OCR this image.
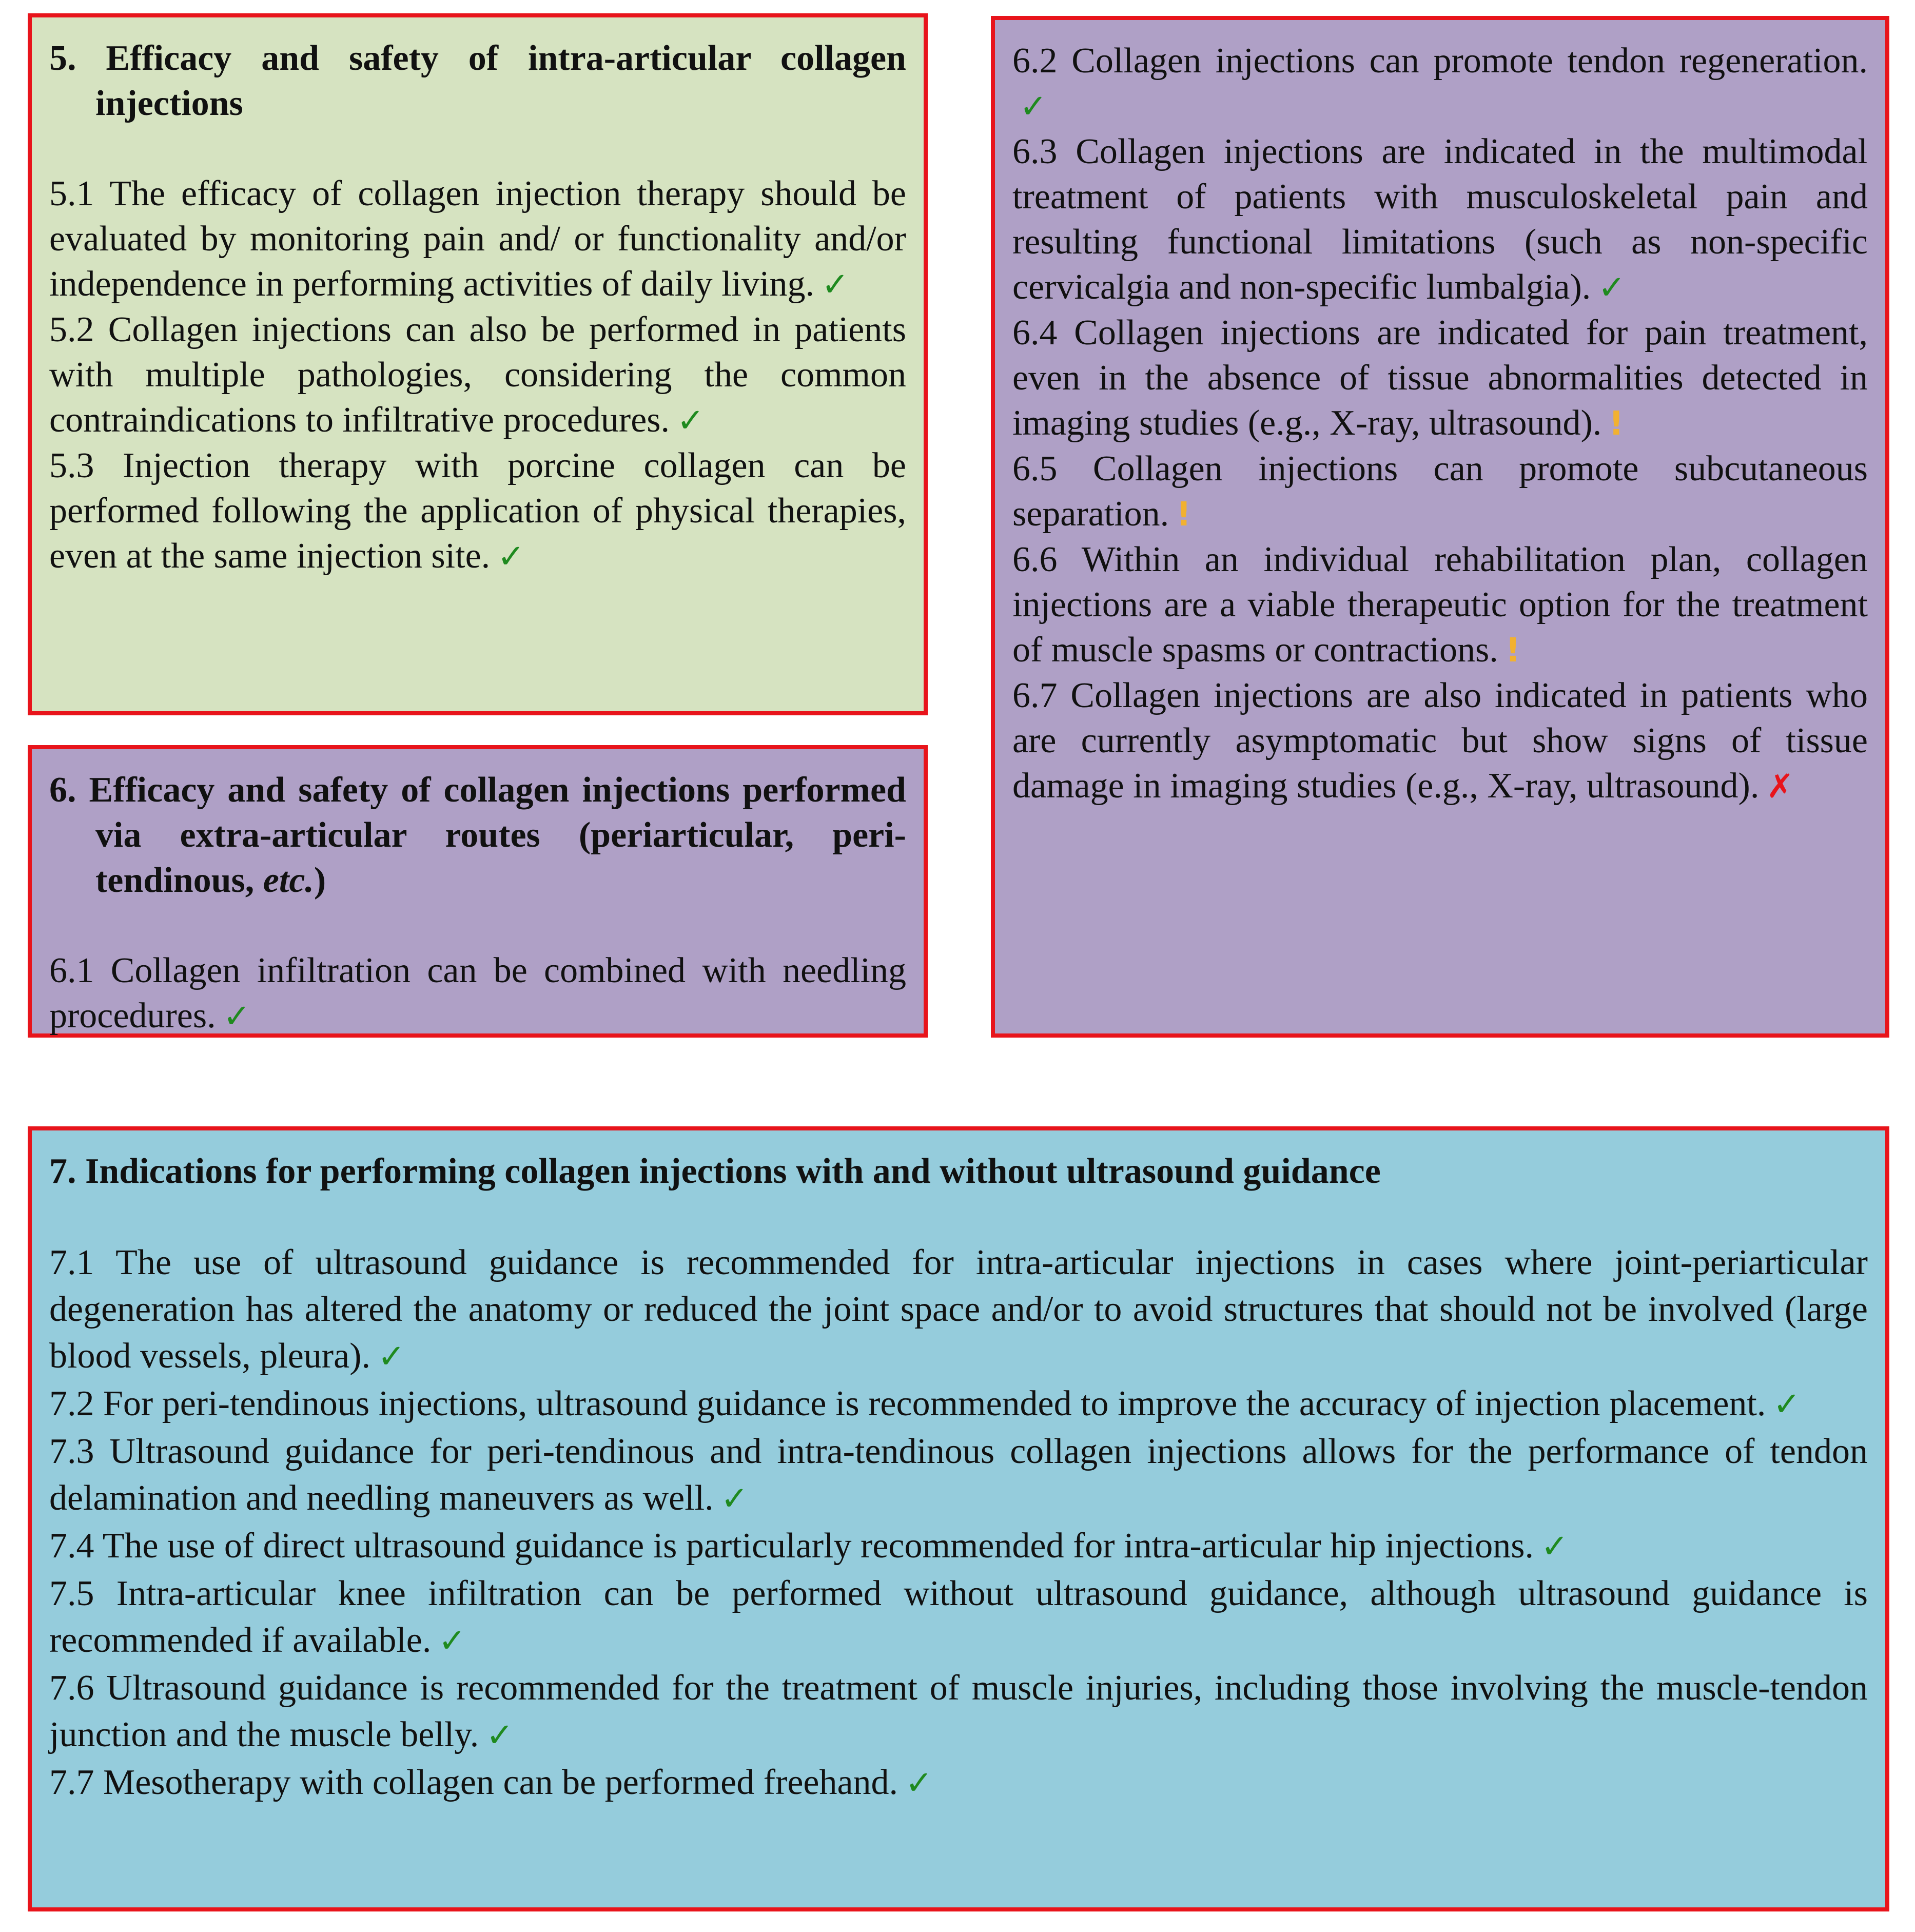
5. Efficacy and safety of intra-articular collagen injections

5.1 The efficacy of collagen injection therapy should be evaluated by monitoring pain and/ or functionality and/or independence in performing activities of daily living. ✓

5.2 Collagen injections can also be performed in patients with multiple pathologies, considering the common contraindications to infiltrative procedures. ✓

5.3 Injection therapy with porcine collagen can be performed following the application of physical therapies, even at the same injection site. ✓

6. Efficacy and safety of collagen injections performed via extra-articular routes (periarticular, peri-tendinous, etc.)

6.1 Collagen infiltration can be combined with needling procedures. ✓

6.2 Collagen injections can promote tendon regeneration.✓

6.3 Collagen injections are indicated in the multimodal treatment of patients with musculoskeletal pain and resulting functional limitations (such as non-specific cervicalgia and non-specific lumbalgia). ✓

6.4 Collagen injections are indicated for pain treatment, even in the absence of tissue abnormalities detected in imaging studies (e.g., X-ray, ultrasound). !

6.5 Collagen injections can promote subcutaneous separation. !

6.6 Within an individual rehabilitation plan, collagen injections are a viable therapeutic option for the treatment of muscle spasms or contractions. !

6.7 Collagen injections are also indicated in patients who are currently asymptomatic but show signs of tissue damage in imaging studies (e.g., X-ray, ultrasound). ✗

7. Indications for performing collagen injections with and without ultrasound guidance

7.1 The use of ultrasound guidance is recommended for intra-articular injections in cases where joint-periarticular degeneration has altered the anatomy or reduced the joint space and/or to avoid structures that should not be involved (large blood vessels, pleura). ✓

7.2 For peri-tendinous injections, ultrasound guidance is recommended to improve the accuracy of injection placement. ✓

7.3 Ultrasound guidance for peri-tendinous and intra-tendinous collagen injections allows for the performance of tendon delamination and needling maneuvers as well. ✓

7.4 The use of direct ultrasound guidance is particularly recommended for intra-articular hip injections. ✓

7.5 Intra-articular knee infiltration can be performed without ultrasound guidance, although ultrasound guidance is recommended if available. ✓

7.6 Ultrasound guidance is recommended for the treatment of muscle injuries, including those involving the muscle-tendon junction and the muscle belly. ✓

7.7 Mesotherapy with collagen can be performed freehand. ✓
